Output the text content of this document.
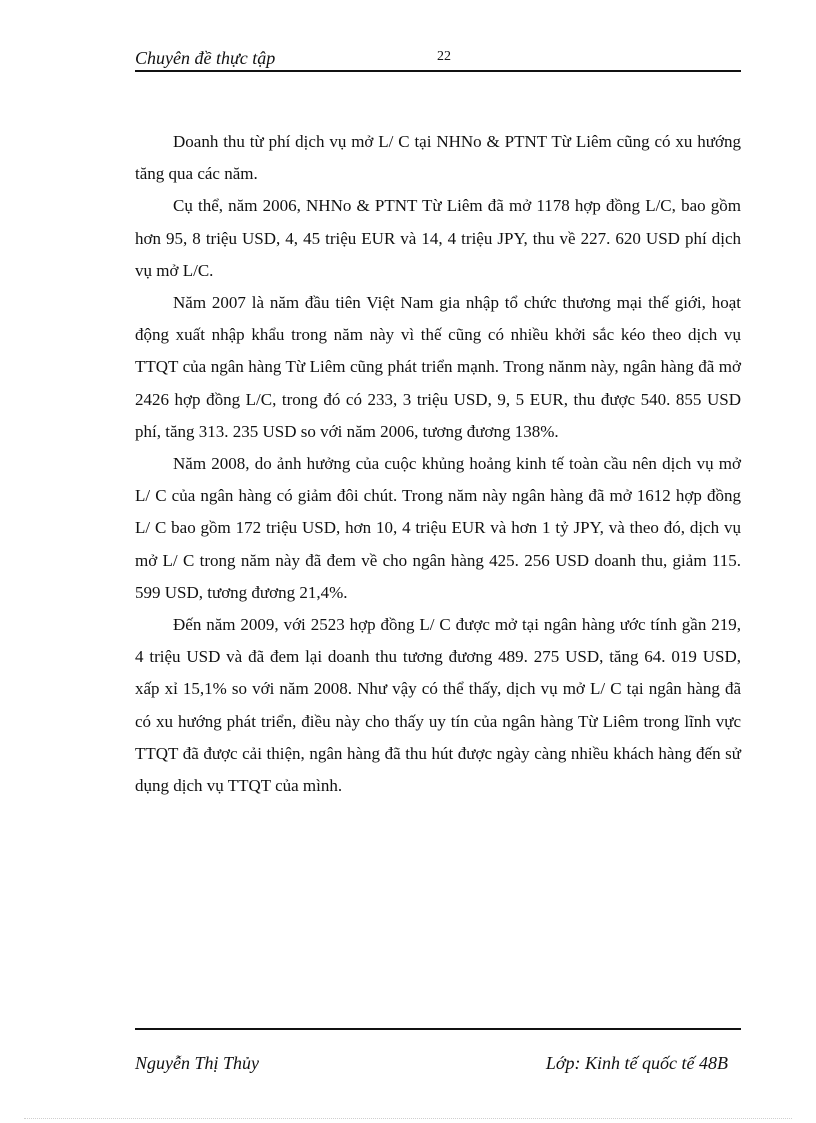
Chuyên đề thực tập	22

Doanh thu từ phí dịch vụ mở L/ C tại NHNo & PTNT Từ Liêm cũng có xu hướng tăng qua các năm.

Cụ thể, năm 2006, NHNo & PTNT Từ Liêm đã mở 1178 hợp đồng L/C, bao gồm hơn 95, 8 triệu USD, 4, 45 triệu EUR và 14, 4 triệu JPY, thu về 227. 620 USD phí dịch vụ mở L/C.

Năm 2007 là năm đầu tiên Việt Nam gia nhập tổ chức thương mại thế giới, hoạt động xuất nhập khẩu trong năm này vì thế cũng có nhiều khởi sắc kéo theo dịch vụ TTQT của ngân hàng Từ Liêm cũng phát triển mạnh. Trong nănm này, ngân hàng đã mở 2426 hợp đồng L/C, trong đó có 233, 3 triệu USD, 9, 5 EUR, thu được 540. 855 USD phí, tăng 313. 235 USD so với năm 2006, tương đương 138%.

Năm 2008, do ảnh hưởng của cuộc khủng hoảng kinh tế toàn cầu nên dịch vụ mở L/ C của ngân hàng có giảm đôi chút. Trong năm này ngân hàng đã mở 1612 hợp đồng L/ C bao gồm 172 triệu USD, hơn 10, 4 triệu EUR và hơn 1 tỷ JPY, và theo đó, dịch vụ mở L/ C trong năm này đã đem về cho ngân hàng 425. 256 USD doanh thu, giảm 115. 599 USD, tương đương 21,4%.

Đến năm 2009, với 2523 hợp đồng L/ C được mở tại ngân hàng ước tính gần 219, 4 triệu USD và đã đem lại doanh thu tương đương 489. 275 USD, tăng 64. 019 USD, xấp xỉ 15,1% so với năm 2008. Như vậy có thể thấy, dịch vụ mở L/ C tại ngân hàng đã có xu hướng phát triển, điều này cho thấy uy tín của ngân hàng Từ Liêm trong lĩnh vực TTQT đã được cải thiện, ngân hàng đã thu hút được ngày càng nhiều khách hàng đến sử dụng dịch vụ TTQT của mình.

Nguyễn Thị Thủy	Lớp: Kinh tế quốc tế 48B
